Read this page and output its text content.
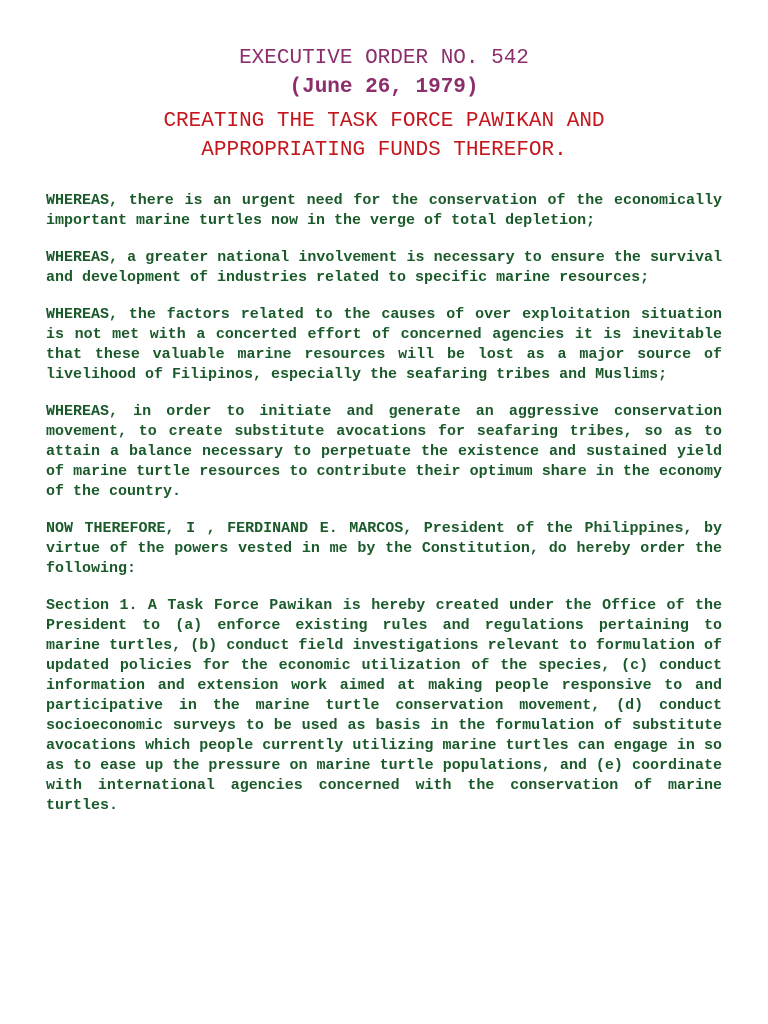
EXECUTIVE ORDER NO. 542
(June 26, 1979)
CREATING THE TASK FORCE PAWIKAN AND
APPROPRIATING FUNDS THEREFOR.

WHEREAS, there is an urgent need for the conservation of the economically important marine turtles now in the verge of total depletion;

WHEREAS, a greater national involvement is necessary to ensure the survival and development of industries related to specific marine resources;

WHEREAS, the factors related to the causes of over exploitation situation is not met with a concerted effort of concerned agencies it is inevitable that these valuable marine resources will be lost as a major source of livelihood of Filipinos, especially the seafaring tribes and Muslims;

WHEREAS, in order to initiate and generate an aggressive conservation movement, to create substitute avocations for seafaring tribes, so as to attain a balance necessary to perpetuate the existence and sustained yield of marine turtle resources to contribute their optimum share in the economy of the country.

NOW THEREFORE, I , FERDINAND E. MARCOS, President of the Philippines, by virtue of the powers vested in me by the Constitution, do hereby order the following:

Section 1. A Task Force Pawikan is hereby created under the Office of the President to (a) enforce existing rules and regulations pertaining to marine turtles, (b) conduct field investigations relevant to formulation of updated policies for the economic utilization of the species, (c) conduct information and extension work aimed at making people responsive to and participative in the marine turtle conservation movement, (d) conduct socioeconomic surveys to be used as basis in the formulation of substitute avocations which people currently utilizing marine turtles can engage in so as to ease up the pressure on marine turtle populations, and (e) coordinate with international agencies concerned with the conservation of marine turtles.
